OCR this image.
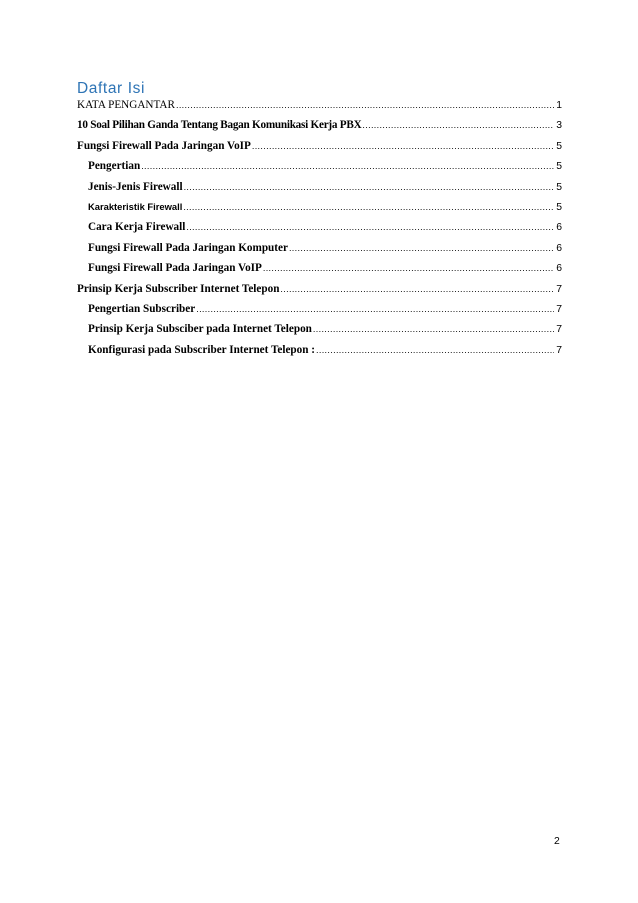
Daftar Isi
KATA PENGANTAR .....	1
10 Soal Pilihan Ganda Tentang Bagan Komunikasi Kerja PBX .....	3
Fungsi Firewall Pada Jaringan VoIP .....	5
Pengertian .....	5
Jenis-Jenis Firewall .....	5
Karakteristik Firewall .....	5
Cara Kerja Firewall .....	6
Fungsi Firewall Pada Jaringan Komputer .....	6
Fungsi Firewall Pada Jaringan VoIP .....	6
Prinsip Kerja Subscriber Internet Telepon .....	7
Pengertian Subscriber .....	7
Prinsip Kerja Subsciber pada Internet Telepon .....	7
Konfigurasi pada Subscriber Internet Telepon : .....	7
2
